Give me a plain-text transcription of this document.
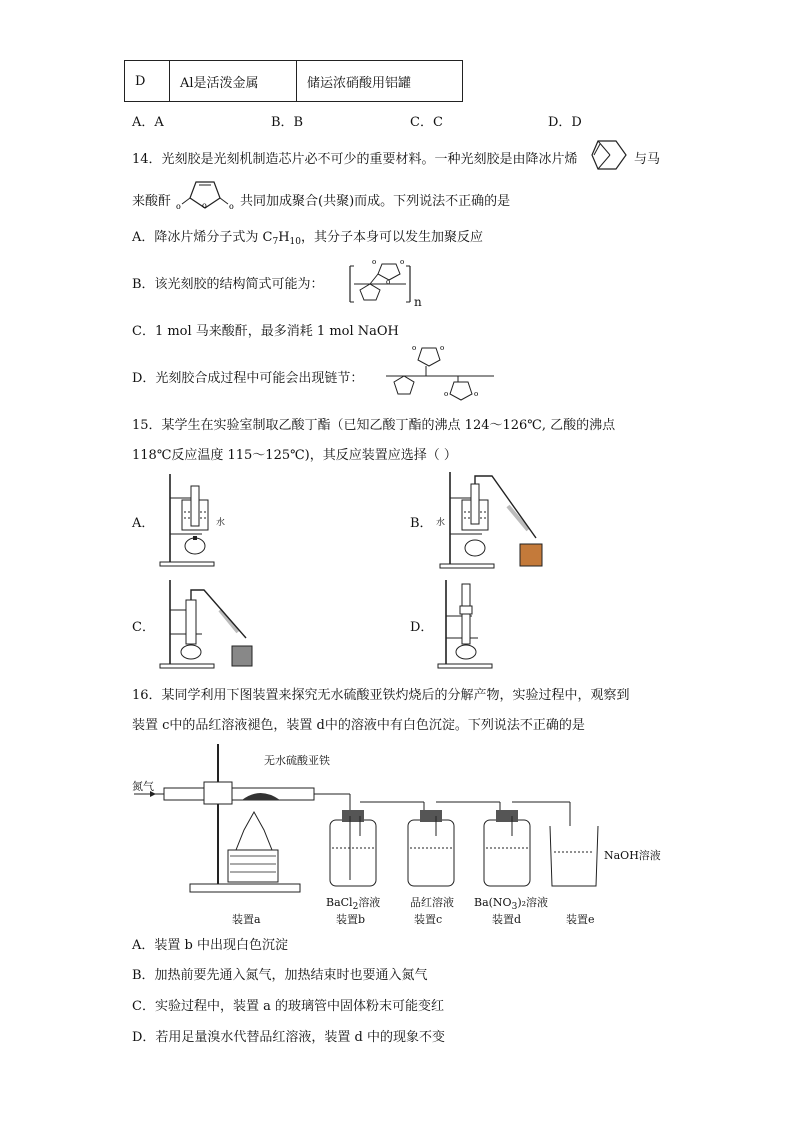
D	Al是活泼金属	储运浓硝酸用铝罐
A．A	B．B	C．C	D．D
14．光刻胶是光刻机制造芯片必不可少的重要材料。一种光刻胶是由降冰片烯	与马
来酸酐	o
o	o 共同加成聚合(共聚)而成。下列说法不正确的是
A．降冰片烯分子式为 $C_7H_{10}$，其分子本身可以发生加聚反应
B．该光刻胶的结构简式可能为：
o	o
o
n
C．1 mol 马来酸酐，最多消耗 1 mol NaOH
D．光刻胶合成过程中可能会出现链节：
o	o
o	o
15．某学生在实验室制取乙酸丁酯（已知乙酸丁酯的沸点 124～126℃, 乙酸的沸点
118℃反应温度 115～125℃)，其反应装置应选择（ ）
A．	水	B． 水
C．	D．
16．某同学利用下图装置来探究无水硫酸亚铁灼烧后的分解产物，实验过程中，观察到
装置 c中的品红溶液褪色，装置 d中的溶液中有白色沉淀。下列说法不正确的是
氮气
无水硫酸亚铁
NaOH溶液
BaCl$_2$溶液	品红溶液 $Ba(NO_3)_2$溶液
装置a	装置b	装置c	装置d	装置e
A．装置 b 中出现白色沉淀
B．加热前要先通入氮气，加热结束时也要通入氮气
C．实验过程中，装置 a 的玻璃管中固体粉末可能变红
D．若用足量溴水代替品红溶液，装置 d 中的现象不变
